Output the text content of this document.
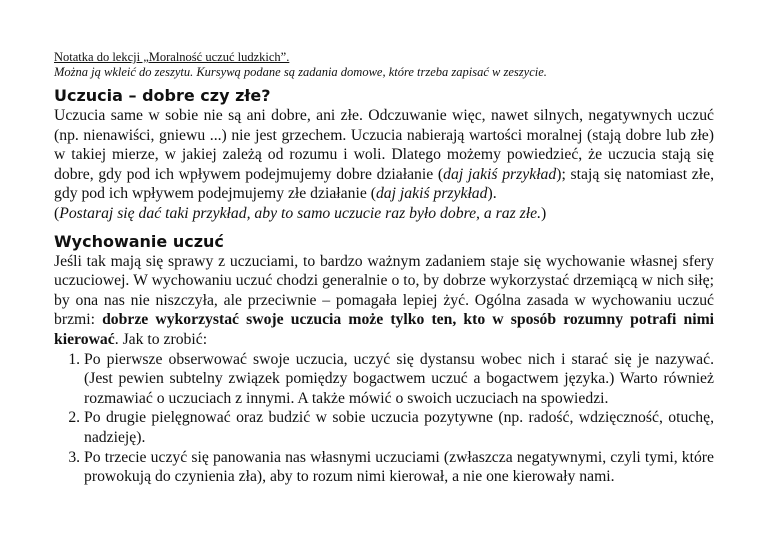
Notatka do lekcji „Moralność uczuć ludzkich”.
Można ją wkleić do zeszytu. Kursywą podane są zadania domowe, które trzeba zapisać w zeszycie.
Uczucia – dobre czy złe?

Uczucia same w sobie nie są ani dobre, ani złe. Odczuwanie więc, nawet silnych, negatywnych uczuć (np. nienawiści, gniewu ...) nie jest grzechem. Uczucia nabierają wartości moralnej (stają dobre lub złe) w takiej mierze, w jakiej zależą od rozumu i woli. Dlatego możemy powiedzieć, że uczucia stają się dobre, gdy pod ich wpływem podejmujemy dobre działanie (daj jakiś przykład); stają się natomiast złe, gdy pod ich wpływem podejmujemy złe działanie (daj jakiś przykład).
(Postaraj się dać taki przykład, aby to samo uczucie raz było dobre, a raz złe.)

Wychowanie uczuć

Jeśli tak mają się sprawy z uczuciami, to bardzo ważnym zadaniem staje się wychowanie własnej sfery uczuciowej. W wychowaniu uczuć chodzi generalnie o to, by dobrze wykorzystać drzemiącą w nich siłę; by ona nas nie niszczyła, ale przeciwnie – pomagała lepiej żyć. Ogólna zasada w wychowaniu uczuć brzmi: dobrze wykorzystać swoje uczucia może tylko ten, kto w sposób rozumny potrafi nimi kierować. Jak to zrobić:

1. Po pierwsze obserwować swoje uczucia, uczyć się dystansu wobec nich i starać się je nazywać. (Jest pewien subtelny związek pomiędzy bogactwem uczuć a bogactwem języka.) Warto również rozmawiać o uczuciach z innymi. A także mówić o swoich uczuciach na spowiedzi.
2. Po drugie pielęgnować oraz budzić w sobie uczucia pozytywne (np. radość, wdzięczność, otuchę, nadzieję).
3. Po trzecie uczyć się panowania nas własnymi uczuciami (zwłaszcza negatywnymi, czyli tymi, które prowokują do czynienia zła), aby to rozum nimi kierował, a nie one kierowały nami.
